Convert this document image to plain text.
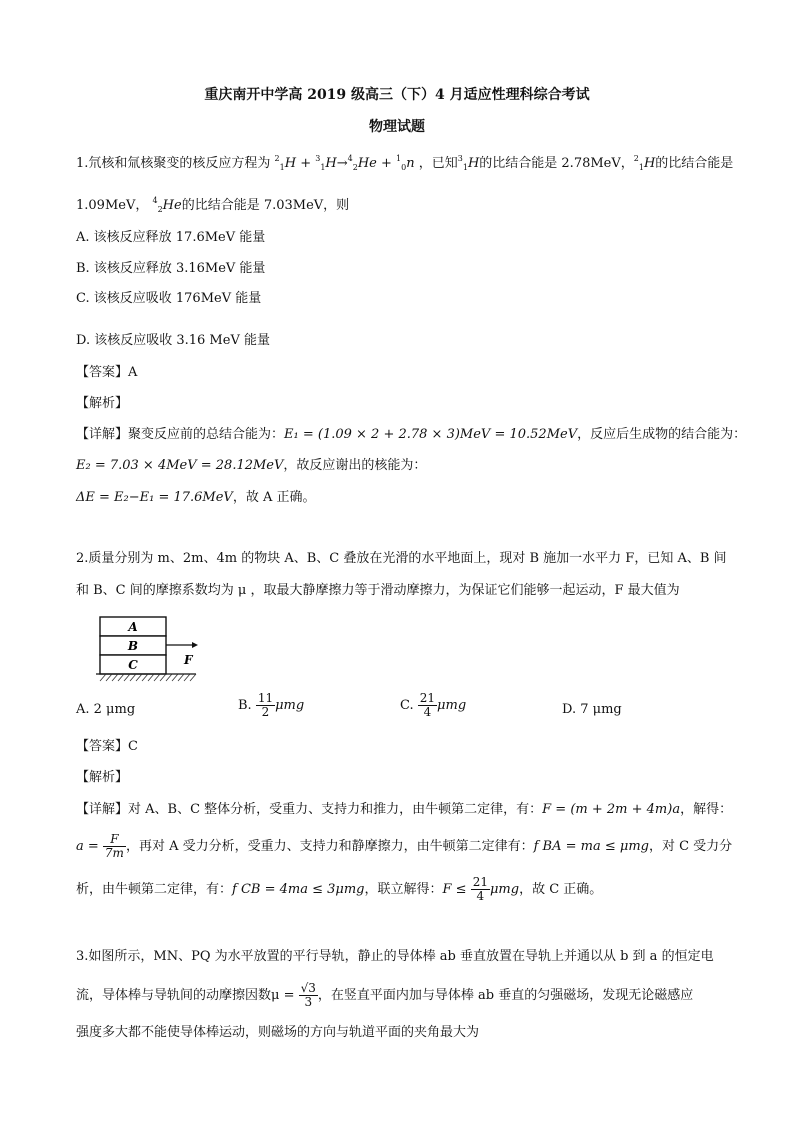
重庆南开中学高 2019 级高三（下）4 月适应性理科综合考试
物理试题
1.氘核和氚核聚变的核反应方程为 $^2_1$H + $^3_1$H→$^4_2$He + $^1_0$n ，已知$^3_1$H的比结合能是 2.78MeV，$^2_1$H的比结合能是
1.09MeV， $^4_2$He的比结合能是 7.03MeV，则
A. 该核反应释放 17.6MeV 能量
B. 该核反应释放 3.16MeV 能量
C. 该核反应吸收 176MeV 能量
D. 该核反应吸收 3.16 MeV 能量
【答案】A
【解析】
【详解】聚变反应前的总结合能为：E₁ = (1.09 × 2 + 2.78 × 3)MeV = 10.52MeV，反应后生成物的结合能为：
E₂ = 7.03 × 4MeV = 28.12MeV，故反应谢出的核能为：
ΔE = E₂−E₁ = 17.6MeV，故 A 正确。
2.质量分别为 m、2m、4m 的物块 A、B、C 叠放在光滑的水平地面上，现对 B 施加一水平力 F，已知 A、B 间
和 B、C 间的摩擦系数均为 μ ，取最大静摩擦力等于滑动摩擦力，为保证它们能够一起运动，F 最大值为
A
B
C	F
A. 2 μmg	B. $\frac{11}{2}$ μmg	C. $\frac{21}{4}$ μmg	D. 7 μmg
【答案】C
【解析】
【详解】对 A、B、C 整体分析，受重力、支持力和推力，由牛顿第二定律，有：F = (m + 2m + 4m)a，解得：
$a = \frac{F}{7m}$ ，再对 A 受力分析，受重力、支持力和静摩擦力，由牛顿第二定律有：f BA = ma ≤ μmg，对 C 受力分
析，由牛顿第二定律，有：f CB = 4ma ≤ 3μmg，联立解得：$F \le \frac{21}{4}$ μmg，故 C 正确。
3.如图所示，MN、PQ 为水平放置的平行导轨，静止的导体棒 ab 垂直放置在导轨上并通以从 b 到 a 的恒定电
流，导体棒与导轨间的动摩擦因数$\mu = \frac{√3}{3}$ ，在竖直平面内加与导体棒 ab 垂直的匀强磁场，发现无论磁感应
强度多大都不能使导体棒运动，则磁场的方向与轨道平面的夹角最大为
